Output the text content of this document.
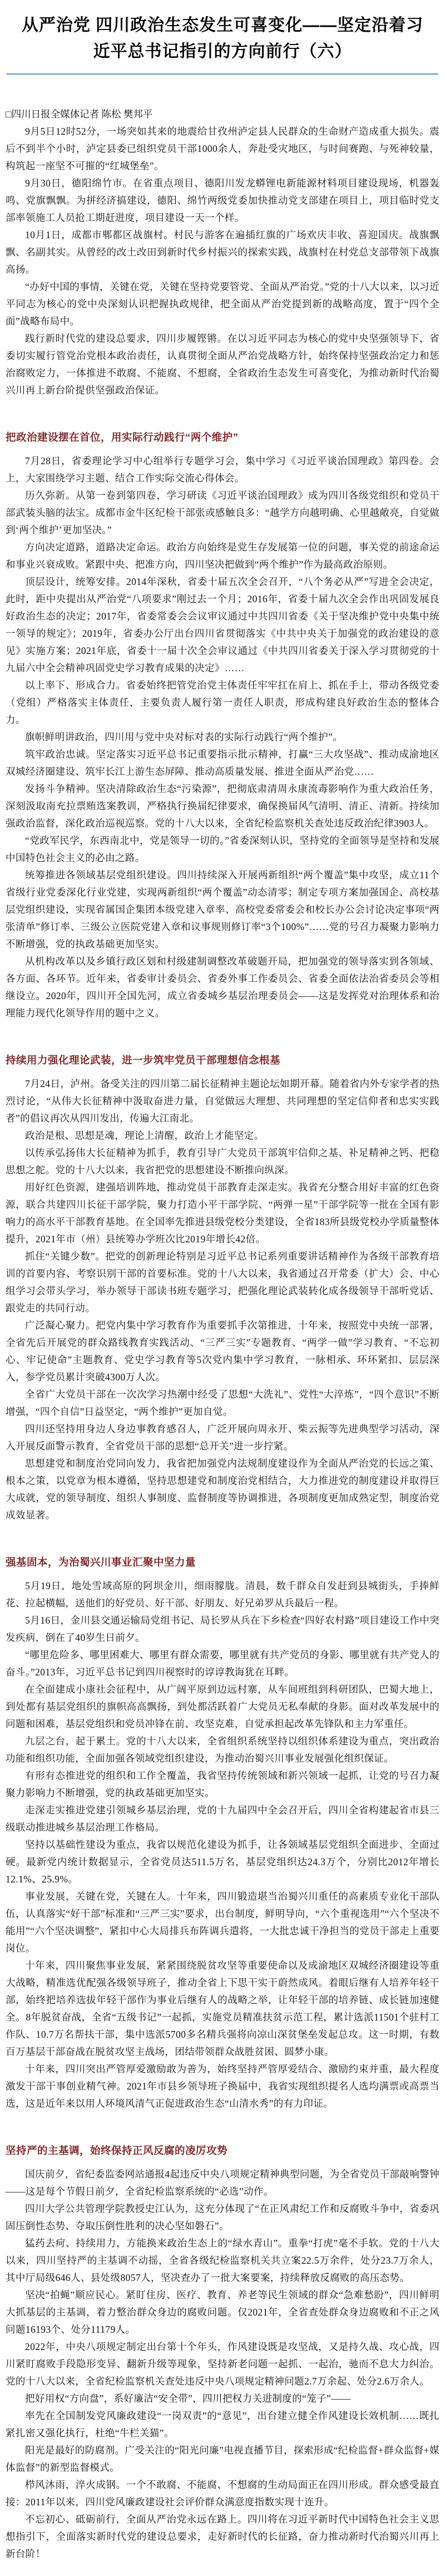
从严治党 四川政治生态发生可喜变化——坚定沿着习近平总书记指引的方向前行（六）
□四川日报全媒体记者 陈松 樊邦平

9月5日12时52分，一场突如其来的地震给甘孜州泸定县人民群众的生命财产造成重大损失。震后不到半个小时，泸定县委已组织党员干部1000余人，奔赴受灾地区，与时间赛跑、与死神较量，构筑起一座坚不可摧的“红城堡垒”。

9月30日，德阳绵竹市。在省重点项目、德阳川发龙蟒锂电新能源材料项目建设现场，机器轰鸣、党旗飘飘。为拼经济搞建设，德阳、绵竹两级党委加快推动党支部建在项目上，项目临时党支部率领施工人员抢工期赶进度，项目建设一天一个样。

10月1日，成都市郫都区战旗村。村民与游客在遍插红旗的广场欢庆丰收、喜迎国庆。战旗飘飘、名副其实。从曾经的改土改田到新时代乡村振兴的探索实践，战旗村在村党总支部带领下战旗高扬。

“办好中国的事情，关键在党，关键在坚持党要管党、全面从严治党。”党的十八大以来，以习近平同志为核心的党中央深刻认识把握执政规律，把全面从严治党提到新的战略高度，置于“四个全面”战略布局中。

践行新时代党的建设总要求，四川步履铿锵。在以习近平同志为核心的党中央坚强领导下，省委切实履行管党治党根本政治责任，认真贯彻全面从严治党战略方针，始终保持坚强政治定力和惩治腐败定力，一体推进不敢腐、不能腐、不想腐，全省政治生态发生可喜变化，为推动新时代治蜀兴川再上新台阶提供坚强政治保证。

把政治建设摆在首位，用实际行动践行“两个维护”

7月28日，省委理论学习中心组举行专题学习会，集中学习《习近平谈治国理政》第四卷。会上，大家围绕学习主题、结合工作实际交流心得体会。

历久弥新。从第一卷到第四卷，学习研读《习近平谈治国理政》成为四川各级党组织和党员干部武装头脑的法宝。成都市金牛区纪检干部张或感触良多：“越学方向越明确、心里越敞亮，自觉做到‘两个维护’更加坚决。”

方向决定道路，道路决定命运。政治方向始终是党生存发展第一位的问题，事关党的前途命运和事业兴衰成败。紧跟中央、把准方向，四川坚决把做到“两个维护”作为最高政治原则。

顶层设计，统筹安排。2014年深秋，省委十届五次全会召开，“八个务必从严”写进全会决定，此时，距中央提出从严治党“八项要求”刚过去一个月；2016年，省委十届九次全会作出巩固发展良好政治生态的决定；2017年，省委常委会会议审议通过中共四川省委《关于坚决维护党中央集中统一领导的规定》；2019年，省委办公厅出台四川省贯彻落实《中共中央关于加强党的政治建设的意见》实施方案；2021年底，省委十一届十次全会审议通过《中共四川省委关于深入学习贯彻党的十九届六中全会精神巩固党史学习教育成果的决定》……

以上率下、形成合力。省委始终把管党治党主体责任牢牢扛在肩上、抓在手上，带动各级党委（党组）严格落实主体责任，主要负责人履行第一责任人职责，形成构建良好政治生态的整体合力。

旗帜鲜明讲政治，四川用与党中央对标对表的实际行动践行“两个维护”。

筑牢政治忠诚。坚定落实习近平总书记重要指示批示精神，打赢“三大攻坚战”、推动成渝地区双城经济圈建设、筑牢长江上游生态屏障、推动高质量发展、推进全面从严治党……

发扬斗争精神。坚决清除政治生态“污染源”，把彻底肃清周永康流毒影响作为重大政治任务，深刻汲取南充拉票贿选案教训，严格执行换届纪律要求，确保换届风气清明、清正、清新。持续加强政治监督，深化政治巡视巡察。党的十八大以来，全省纪检监察机关查处违反政治纪律3903人。

“党政军民学，东西南北中，党是领导一切的。”省委深刻认识，坚持党的全面领导是坚持和发展中国特色社会主义的必由之路。

统筹推进各领域基层党组织建设。四川持续深入开展两新组织“两个覆盖”集中攻坚，成立11个省级行业党委深化行业党建，实现两新组织“两个覆盖”动态清零；制定专项方案加强国企、高校基层党组织建设，实现省属国企集团本级党建入章率、高校党委常委会和校长办公会讨论决定事项“两张清单”修订率、三级公立医院党建入章和议事规则修订率“3个100%”……党的号召力凝聚力影响力不断增强，党的执政基础更加坚实。

从机构改革以及乡镇行政区划和村级建制调整改革破题开局，把加强党的领导落实到各领域、各方面、各环节。近年来，省委审计委员会、省委外事工作委员会、省委全面依法治省委员会等相继设立。2020年，四川开全国先河，成立省委城乡基层治理委员会——这是发挥党对治理体系和治理能力现代化领导作用的题中之义。

持续用力强化理论武装，进一步筑牢党员干部理想信念根基

7月24日，泸州。备受关注的四川第二届长征精神主题论坛如期开幕。随着省内外专家学者的热烈讨论，“从伟大长征精神中汲取奋进力量，自觉做远大理想、共同理想的坚定信仰者和忠实实践者”的倡议再次从四川发出，传遍大江南北。

政治是根、思想是魂，理论上清醒，政治上才能坚定。

以传承弘扬伟大长征精神为抓手，教育引导广大党员干部筑牢信仰之基、补足精神之钙、把稳思想之舵。党的十八大以来，我省把党的思想建设不断推向纵深。

用好红色资源，建强培训阵地，推动党员干部教育走深走实。我省充分整合用好丰富的红色资源，联合共建四川长征干部学院，聚力打造小平干部学院、“两弹一星”干部学院等一批在全国有影响力的高水平干部教育基地。在全国率先推进县级党校分类建设，全省183所县级党校办学质量整体提升，2021年市（州）县统筹办学班次比2019年增长42倍。

抓住“关键少数”。把党的创新理论特别是习近平总书记系列重要讲话精神作为各级干部教育培训的首要内容、考察识别干部的首要标准。党的十八大以来，我省通过召开常委（扩大）会、中心组学习会带头学习，举办领导干部读书班专题学习，把强化理论武装转化成各级领导干部听党话、跟党走的共同行动。

广泛凝心聚力。把党内集中学习教育作为重要抓手次第推进，十年来，按照党中央统一部署，全省先后开展党的群众路线教育实践活动、“三严三实”专题教育、“两学一做”学习教育、“不忘初心、牢记使命”主题教育、党史学习教育等5次党内集中学习教育，一脉相承、环环紧扣、层层深入，参学党员累计突破4300万人次。

全省广大党员干部在一次次学习热潮中经受了思想“大洗礼”、党性“大淬炼”，“四个意识”不断增强，“四个自信”日益坚定，“两个维护”更加自觉。

四川还坚持用身边人身边事教育感召人，广泛开展向周永开、柴云振等先进典型学习活动，深入开展反面警示教育，全省党员干部的思想“总开关”进一步拧紧。

思想建党和制度治党同向发力，我省把加强党内法规制度建设作为全面从严治党的长远之策、根本之策，以党章为根本遵循，坚持思想建党和制度治党相结合，大力推进党的制度建设并取得巨大成就，党的领导制度、组织人事制度、监督制度等协调推进，各项制度更加成熟定型，制度治党成效显著。

强基固本，为治蜀兴川事业汇聚中坚力量

5月19日，地处雪域高原的阿坝金川，细雨朦胧。清晨，数千群众自发赶到县城街头，手捧鲜花、拉起横幅，送他们的好党员、好干部、好朋友、好兄弟罗从兵最后一程。

5月16日，金川县交通运输局党组书记、局长罗从兵在下乡检查“四好农村路”项目建设工作中突发疾病，倒在了40岁生日前夕。

“哪里危险多、哪里困难大、哪里有群众需要，哪里就有共产党员的身影、哪里就有共产党人的奋斗。”2013年，习近平总书记到四川视察时的谆谆教诲犹在耳畔。

在全面建成小康社会征程中，从广阔平原到边远村寨，从车间班组到科研团队，巴蜀大地上，到处都有基层党组织的旗帜高高飘扬，到处都活跃着广大党员无私奉献的身影。面对改革发展中的问题和困难，基层党组织和党员冲锋在前、攻坚克难，自觉承担起改革先锋队和主力军重任。

九层之台，起于累土。党的十八大以来，全省组织系统坚持以组织体系建设为重点，突出政治功能和组织功能，全面加强各领域党组织建设，为推动治蜀兴川事业发展强化组织保证。

有形有态推进党的组织和工作全覆盖，我省坚持传统领域和新兴领域一起抓，让党的号召力凝聚力影响力不断增强，党的执政基础更加坚实。

走深走实推进党建引领城乡基层治理，党的十九届四中全会召开后，四川全省构建起省市县三级联动推进城乡基层治理工作格局。

坚持以基础性建设为重点，我省以规范化建设为抓手，让各领域基层党组织全面进步、全面过硬。最新党内统计数据显示，全省党员达511.5万名，基层党组织达24.3万个，分别比2012年增长12.1%、25.9%。

事业发展，关键在党，关键在人。十年来，四川锻造堪当治蜀兴川重任的高素质专业化干部队伍，认真落实“好干部”标准和“三严三实”要求，出台制度，鲜明导向，“六个重视选用”“六个坚决不能用”“六个坚决调整”，紧扣中心大局排兵布阵调兵遣将，一大批忠诚干净担当的党员干部走上重要岗位。

十年来，四川聚焦事业发展，紧紧围绕脱贫攻坚等重要使命以及成渝地区双城经济圈建设等重大战略，精准选优配强各级领导班子，推动全省上下思干实干蔚然成风。着眼后继有人培养年轻干部，始终把培养选拔年轻干部作为事业后继有人的战略之举，让年轻干部的培养链、成长链加速健全。8年脱贫奋战，全省“五级书记”一起抓，实施党员精准扶贫示范工程，累计选派11501个驻村工作队、10.7万名帮扶干部，集中选派5700多名精兵强将向凉山深贫堡垒发起总攻。这一时期，有数百万基层干部奋战在脱贫攻坚主战场，团结带领群众战胜贫困、圆梦小康。

十年来，四川突出严管厚爱激励敢为善为，始终坚持严管厚爱结合、激励约束并重，最大程度激发干部干事创业精气神。2021年市县乡领导班子换届中，我省实现组织提名人选均满票或高票当选，这是近年来以用人环境风清气正促进政治生态“山清水秀”的有力印证。

坚持严的主基调，始终保持正风反腐的凌厉攻势

国庆前夕，省纪委监委网站通报4起违反中央八项规定精神典型问题，为全省党员干部敲响警钟——这是每个节假日前夕，全省纪检监察系统的“必选”动作。

四川大学公共管理学院教授史江认为，这充分体现了“在正风肃纪工作和反腐败斗争中，省委巩固压倒性态势、夺取压倒性胜利的决心坚如磐石”。

猛药去疴、持续用力，方能换来政治生态上的“绿水青山”。重拳“打虎”毫不手软。党的十八大以来，四川坚持严的主基调不动摇，全省各级纪检监察机关共立案22.5万余件，处分23.7万余人，其中厅局级646人、县处级8057人，坚决查办了一批大案要案，持续释放反腐败的高压态势。

坚决“拍蝇”顺应民心。紧盯住房、医疗、教育、养老等民生领域的群众“急难愁盼”，四川鲜明大抓基层的主基调，着力整治群众身边的腐败问题。仅2021年，全省查处群众身边腐败和不正之风问题16193个、处分11179人。

2022年，中央八项规定制定出台第十个年头，作风建设既是攻坚战，又是持久战、攻心战，四川紧盯腐败手段隐形变异、翻新升级等现象，坚持新老问题一起抓、一起治，驰而不息大力纠治。党的十八大以来，全省纪检监察机关查处违反中央八项规定精神问题2.7万余起、处分2.6万余人。

把好用权“方向盘”，系好廉洁“安全带”，四川把权力关进制度的“笼子”——

率先在全国制发党风廉政建设“一岗双责”的“意见”，出台建立健全作风建设长效机制……既扎紧扎密又强化执行，杜绝“牛栏关猫”。

阳光是最好的防腐剂。广受关注的“阳光问廉”电视直播节目，探索形成“纪检监督+群众监督+媒体监督”的新型监督模式。

栉风沐雨，淬火成钢。一个不敢腐、不能腐、不想腐的生动局面正在四川形成。群众感受最直接：2011年以来，四川党风廉政建设社会评价群众满意度指数实现十连升。

不忘初心、砥砺前行，全面从严治党永远在路上。四川将在习近平新时代中国特色社会主义思想指引下，全面落实新时代党的建设总要求，走好新时代的长征路，奋力推动新时代治蜀兴川再上新台阶！
